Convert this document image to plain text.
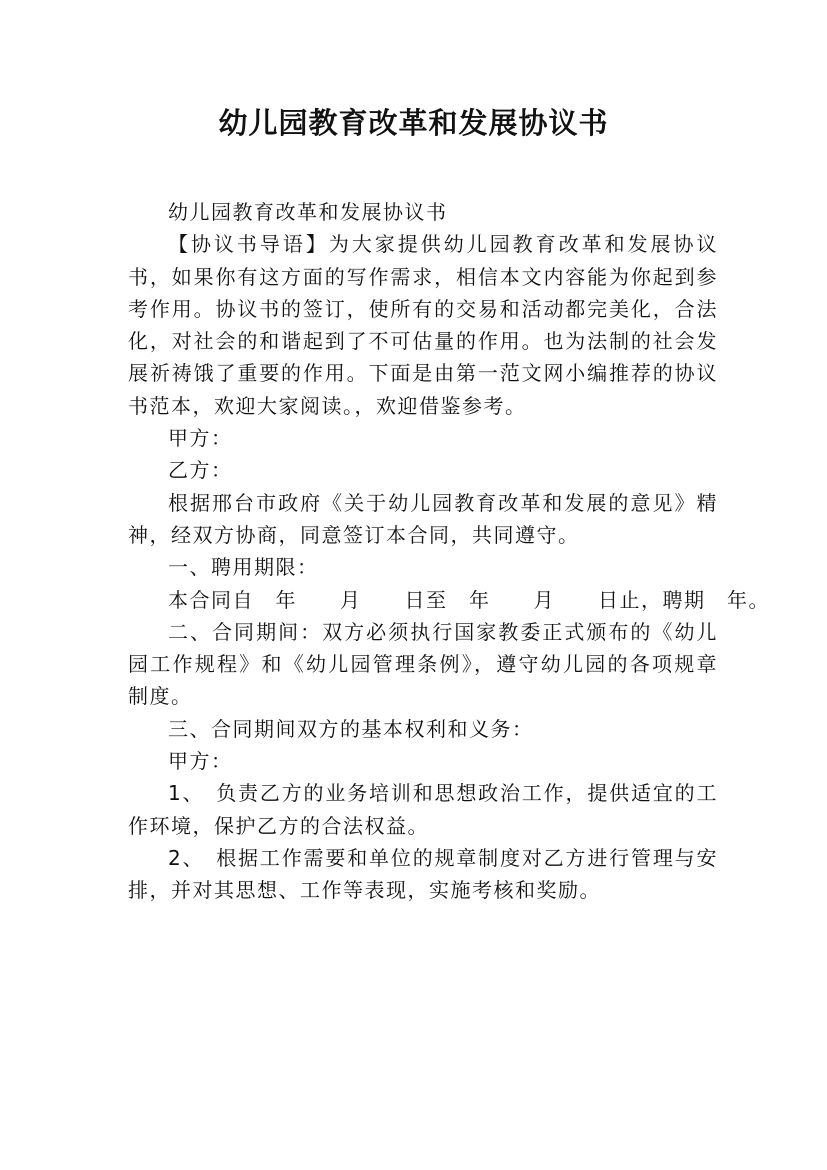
幼儿园教育改革和发展协议书

幼儿园教育改革和发展协议书

【协议书导语】为大家提供幼儿园教育改革和发展协议书，如果你有这方面的写作需求，相信本文内容能为你起到参考作用。协议书的签订，使所有的交易和活动都完美化，合法化，对社会的和谐起到了不可估量的作用。也为法制的社会发展祈祷饿了重要的作用。下面是由第一范文网小编推荐的协议书范本，欢迎大家阅读。，欢迎借鉴参考。

甲方：

乙方：

根据邢台市政府《关于幼儿园教育改革和发展的意见》精神，经双方协商，同意签订本合同，共同遵守。

一、聘用期限：

本合同自　年　　月　　日至　年　　月　　日止，聘期　年。

二、合同期间：双方必须执行国家教委正式颁布的《幼儿园工作规程》和《幼儿园管理条例》，遵守幼儿园的各项规章制度。

三、合同期间双方的基本权利和义务：

甲方：

1、　负责乙方的业务培训和思想政治工作，提供适宜的工作环境，保护乙方的合法权益。

2、　根据工作需要和单位的规章制度对乙方进行管理与安排，并对其思想、工作等表现，实施考核和奖励。
